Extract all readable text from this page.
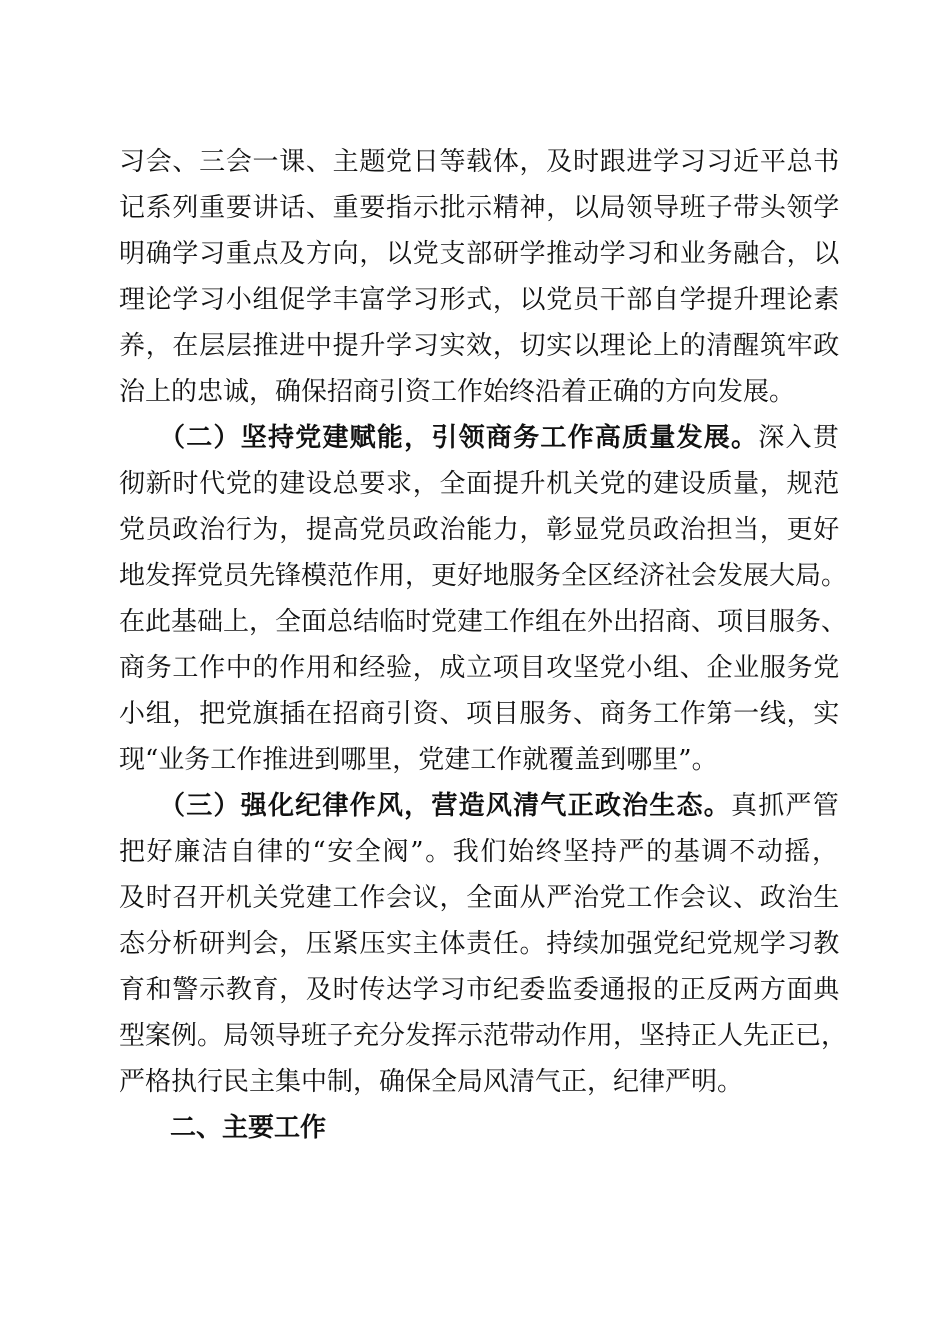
习会、三会一课、主题党日等载体，及时跟进学习习近平总书
记系列重要讲话、重要指示批示精神，以局领导班子带头领学
明确学习重点及方向，以党支部研学推动学习和业务融合，以
理论学习小组促学丰富学习形式，以党员干部自学提升理论素
养，在层层推进中提升学习实效，切实以理论上的清醒筑牢政
治上的忠诚，确保招商引资工作始终沿着正确的方向发展。
（二）坚持党建赋能，引领商务工作高质量发展。深入贯
彻新时代党的建设总要求，全面提升机关党的建设质量，规范
党员政治行为，提高党员政治能力，彰显党员政治担当，更好
地发挥党员先锋模范作用，更好地服务全区经济社会发展大局。
在此基础上，全面总结临时党建工作组在外出招商、项目服务、
商务工作中的作用和经验，成立项目攻坚党小组、企业服务党
小组，把党旗插在招商引资、项目服务、商务工作第一线，实
现“业务工作推进到哪里，党建工作就覆盖到哪里”。
（三）强化纪律作风，营造风清气正政治生态。真抓严管
把好廉洁自律的“安全阀”。我们始终坚持严的基调不动摇，
及时召开机关党建工作会议，全面从严治党工作会议、政治生
态分析研判会，压紧压实主体责任。持续加强党纪党规学习教
育和警示教育，及时传达学习市纪委监委通报的正反两方面典
型案例。局领导班子充分发挥示范带动作用，坚持正人先正已，
严格执行民主集中制，确保全局风清气正，纪律严明。
二、主要工作
